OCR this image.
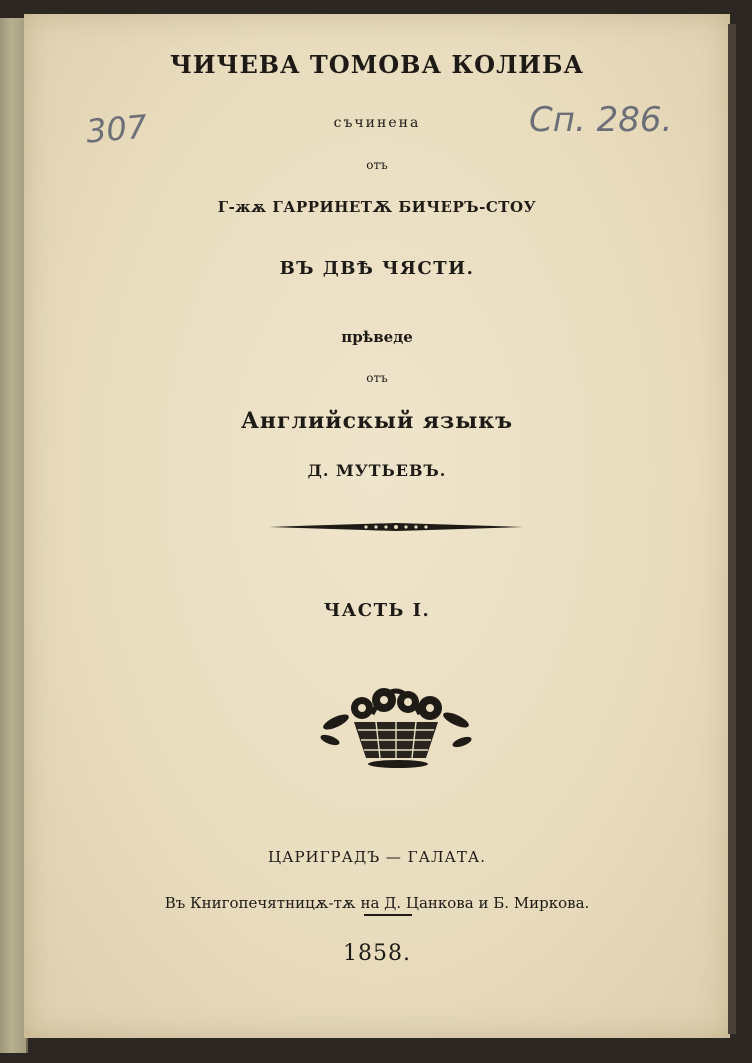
ЧИЧЕВА ТОМОВА КОЛИБА
съчинена
отъ
Г-жѫ ГАРРИНЕТѪ БИЧЕРЪ-СТОУ
ВЪ ДВѢ ЧЯСТИ.
прѣведе
отъ
Английскый языкъ
Д. МУТЬЕВЪ.
ЧАСТЬ I.
ЦАРИГРАДЪ — ГАЛАТА.
Въ Книгопечятницѫ-тѫ на Д. Цанкова и Б. Миркова.
1858.
307	Сп. 286.
